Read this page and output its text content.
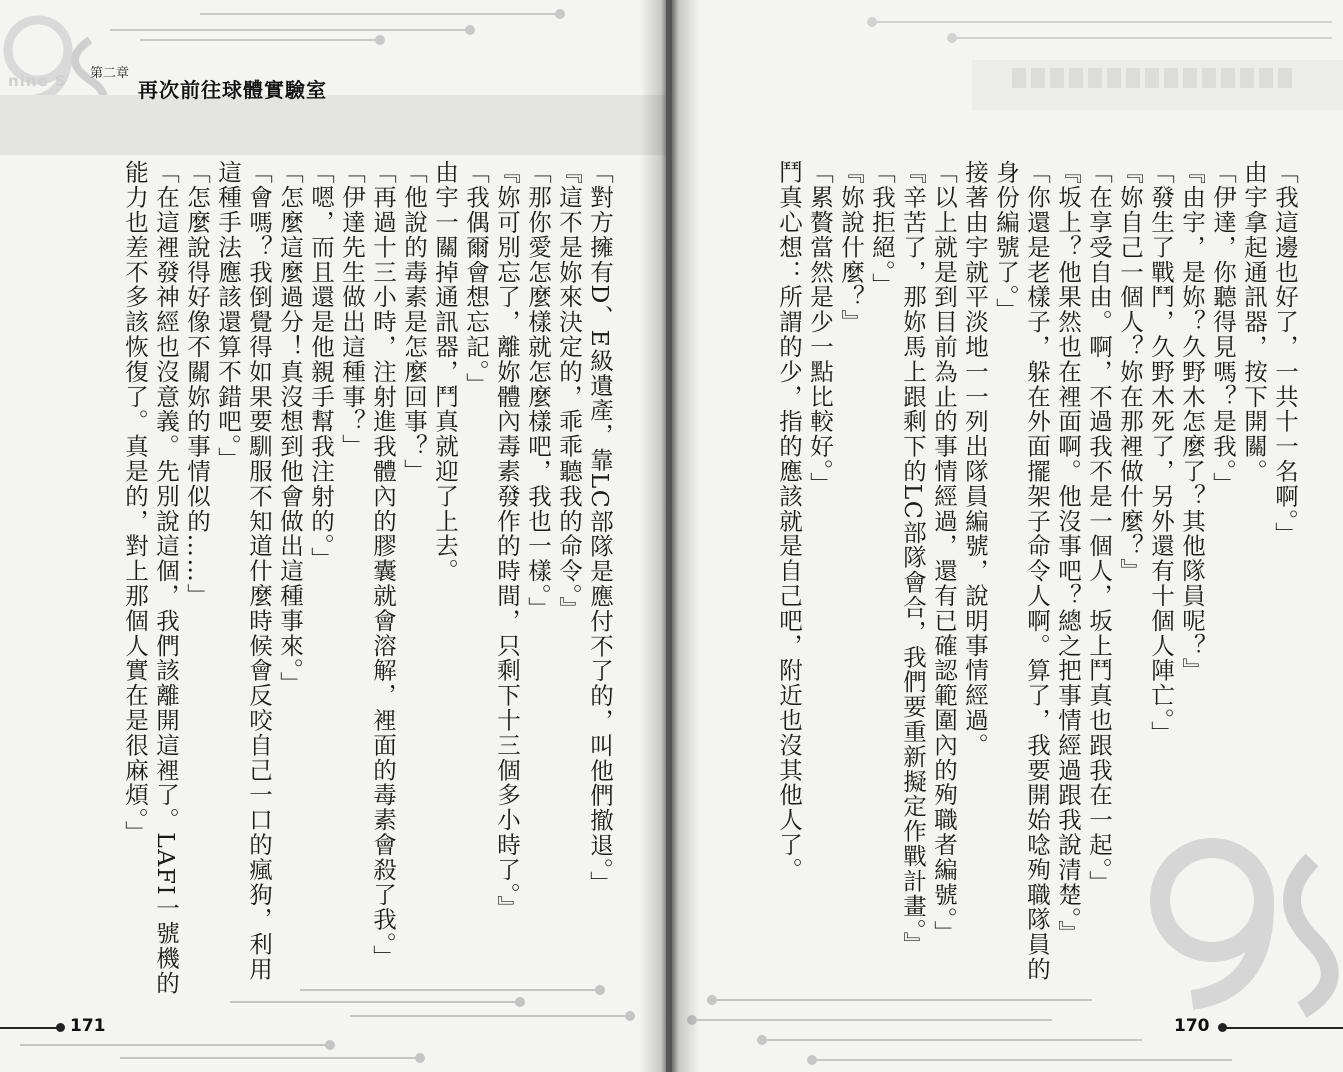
nine S 第二章
再次前往球體實驗室

「對方擁有D、E級遺產，靠LC部隊是應付不了的，叫他們撤退。」

『這不是妳來決定的，乖乖聽我的命令。』

「那你愛怎麼樣就怎麼樣吧，我也一樣。」

『妳可別忘了，離妳體內毒素發作的時間，只剩下十三個多小時了。』

「我偶爾會想忘記。」

由宇一關掉通訊器，鬥真就迎了上去。

「他說的毒素是怎麼回事？」

「再過十三小時，注射進我體內的膠囊就會溶解，裡面的毒素會殺了我。」

「伊達先生做出這種事？」

「嗯，而且還是他親手幫我注射的。」

「怎麼這麼過分！真沒想到他會做出這種事來。」

「會嗎？我倒覺得如果要馴服不知道什麼時候會反咬自己一口的瘋狗，利用這種手法應該還算不錯吧。」

「怎麼說得好像不關妳的事情似的……」

「在這裡發神經也沒意義。先別說這個，我們該離開這裡了。LAFI一號機的能力也差不多該恢復了。真是的，對上那個人實在是很麻煩。」

171

「我這邊也好了，一共十一名啊。」

由宇拿起通訊器，按下開關。

「伊達，你聽得見嗎？是我。」

『由宇，是妳？久野木怎麼了？其他隊員呢？』

「發生了戰鬥，久野木死了，另外還有十個人陣亡。」

『妳自己一個人？妳在那裡做什麼？』

「在享受自由。啊，不過我不是一個人，坂上鬥真也跟我在一起。」

『坂上？他果然也在裡面啊。他沒事吧？總之把事情經過跟我說清楚。』

「你還是老樣子，躲在外面擺架子命令人啊。算了，我要開始唸殉職隊員的身份編號了。」

接著由宇就平淡地一一列出隊員編號，說明事情經過。

「以上就是到目前為止的事情經過，還有已確認範圍內的殉職者編號。」

『辛苦了，那妳馬上跟剩下的LC部隊會合，我們要重新擬定作戰計畫。』

「我拒絕。」

『妳說什麼？』

「累贅當然是少一點比較好。」

鬥真心想：所謂的少，指的應該就是自己吧，附近也沒其他人了。

170
